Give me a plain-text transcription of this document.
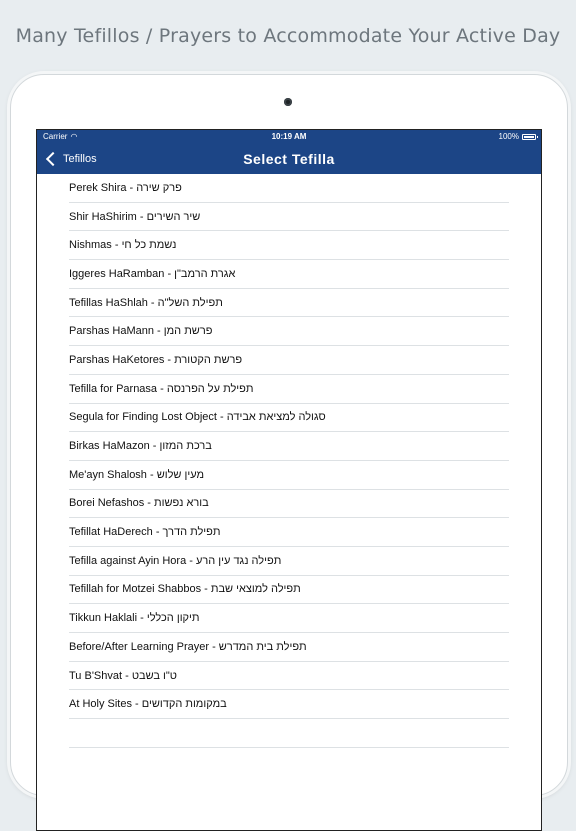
Many Tefillos / Prayers to Accommodate Your Active Day
Carrier ◠	10:19 AM	100%
Tefillos	Select Tefilla
Perek Shira - פרק שירה
Shir HaShirim - שיר השירים
Nishmas - נשמת כל חי
Iggeres HaRamban - אגרת הרמב"ן
Tefillas HaShlah - תפילת השל"ה
Parshas HaMann - פרשת המן
Parshas HaKetores - פרשת הקטורת
Tefilla for Parnasa - תפילת על הפרנסה
Segula for Finding Lost Object - סגולה למציאת אבידה
Birkas HaMazon - ברכת המזון
Me'ayn Shalosh - מעין שלוש
Borei Nefashos - בורא נפשות
Tefillat HaDerech - תפילת הדרך
Tefilla against Ayin Hora - תפילה נגד עין הרע
Tefillah for Motzei Shabbos - תפילה למוצאי שבת
Tikkun Haklali - תיקון הכללי
Before/After Learning Prayer - תפילת בית המדרש
Tu B'Shvat - ט"ו בשבט
At Holy Sites - במקומות הקדושים
